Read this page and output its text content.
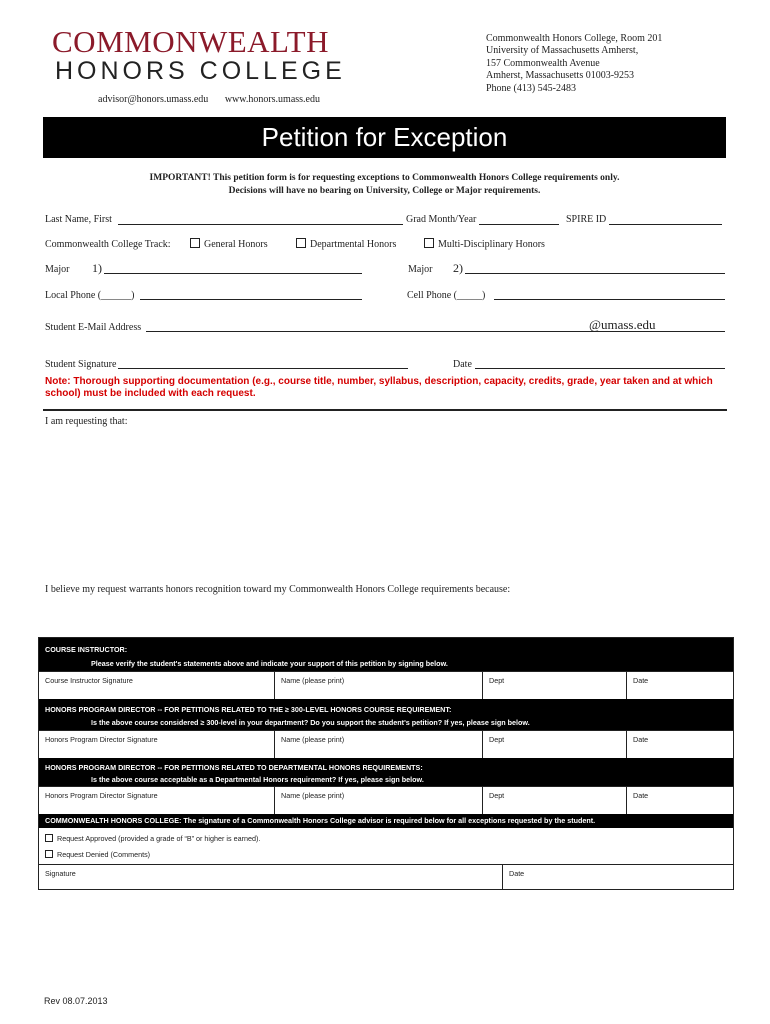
COMMONWEALTH
HONORS COLLEGE
advisor@honors.umass.edu www.honors.umass.edu
Commonwealth Honors College, Room 201
University of Massachusetts Amherst,
157 Commonwealth Avenue
Amherst, Massachusetts 01003-9253
Phone (413) 545-2483
Petition for Exception
IMPORTANT! This petition form is for requesting exceptions to Commonwealth Honors College requirements only.
Decisions will have no bearing on University, College or Major requirements.
Last Name, First	Grad Month/Year	SPIRE ID
Commonwealth College Track:	General Honors	Departmental Honors	Multi-Disciplinary Honors
Major 1)	Major 2)
Local Phone (______)	Cell Phone (_____)
Student E-Mail Address	@umass.edu
Student Signature	Date
Note: Thorough supporting documentation (e.g., course title, number, syllabus, description, capacity, credits, grade, year taken and at which school) must be included with each request.
I am requesting that:
I believe my request warrants honors recognition toward my Commonwealth Honors College requirements because:
COURSE INSTRUCTOR:
Please verify the student's statements above and indicate your support of this petition by signing below.
Course Instructor Signature	Name (please print)	Dept	Date
HONORS PROGRAM DIRECTOR -- FOR PETITIONS RELATED TO THE ≥ 300-LEVEL HONORS COURSE REQUIREMENT:
Is the above course considered ≥ 300-level in your department? Do you support the student's petition? If yes, please sign below.
Honors Program Director Signature	Name (please print)	Dept	Date
HONORS PROGRAM DIRECTOR -- FOR PETITIONS RELATED TO DEPARTMENTAL HONORS REQUIREMENTS:
Is the above course acceptable as a Departmental Honors requirement? If yes, please sign below.
Honors Program Director Signature	Name (please print)	Dept	Date
COMMONWEALTH HONORS COLLEGE: The signature of a Commonwealth Honors College advisor is required below for all exceptions requested by the student.
Request Approved (provided a grade of “B” or higher is earned).
Request Denied (Comments)
Signature	Date
Rev 08.07.2013
